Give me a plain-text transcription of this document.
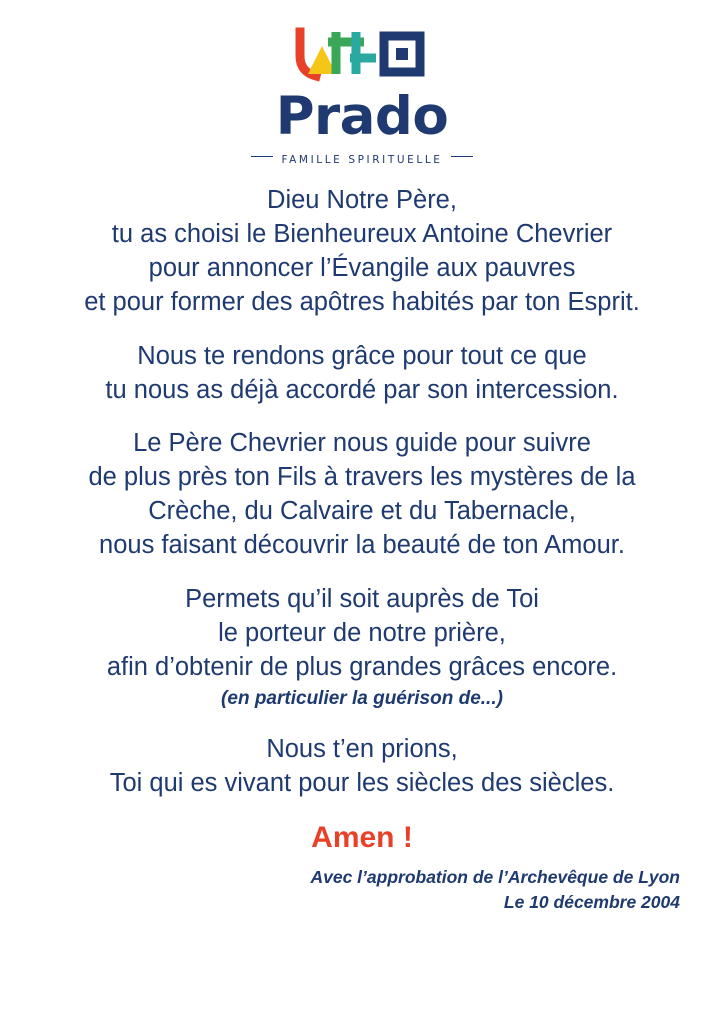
Prado
FAMILLE SPIRITUELLE
Dieu Notre Père,
tu as choisi le Bienheureux Antoine Chevrier
pour annoncer l’Évangile aux pauvres
et pour former des apôtres habités par ton Esprit.
Nous te rendons grâce pour tout ce que
tu nous as déjà accordé par son intercession.
Le Père Chevrier nous guide pour suivre
de plus près ton Fils à travers les mystères de la
Crèche, du Calvaire et du Tabernacle,
nous faisant découvrir la beauté de ton Amour.
Permets qu’il soit auprès de Toi
le porteur de notre prière,
afin d’obtenir de plus grandes grâces encore.
(en particulier la guérison de...)
Nous t’en prions,
Toi qui es vivant pour les siècles des siècles.
Amen !
Avec l’approbation de l’Archevêque de Lyon
Le 10 décembre 2004
